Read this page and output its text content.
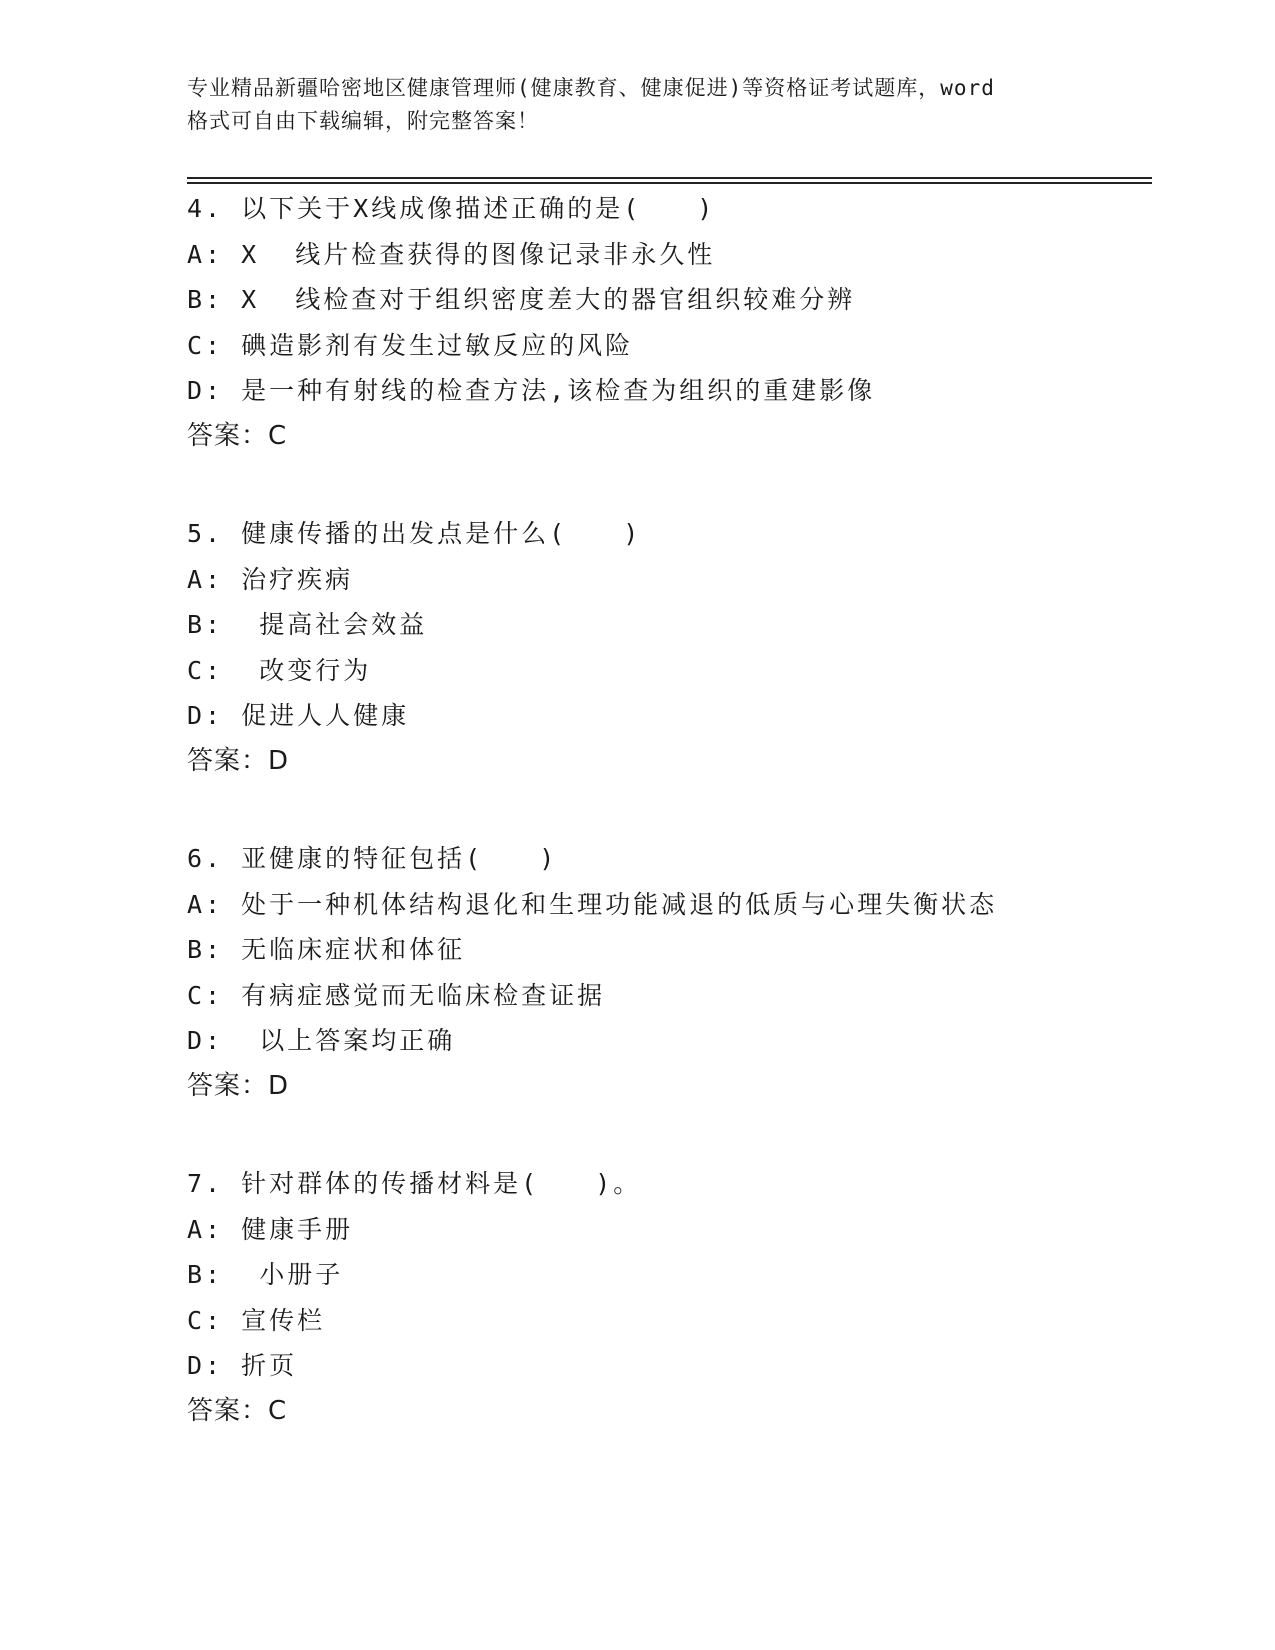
专业精品新疆哈密地区健康管理师(健康教育、健康促进)等资格证考试题库，word
格式可自由下载编辑，附完整答案！
4. 以下关于X线成像描述正确的是(　　)
A: X  线片检查获得的图像记录非永久性
B: X  线检查对于组织密度差大的器官组织较难分辨
C: 碘造影剂有发生过敏反应的风险
D: 是一种有射线的检查方法,该检查为组织的重建影像
答案：C
5. 健康传播的出发点是什么(　　)
A: 治疗疾病
B:  提高社会效益
C:  改变行为
D: 促进人人健康
答案：D
6. 亚健康的特征包括(　　)
A: 处于一种机体结构退化和生理功能减退的低质与心理失衡状态
B: 无临床症状和体征
C: 有病症感觉而无临床检查证据
D:  以上答案均正确
答案：D
7. 针对群体的传播材料是(　　)。
A: 健康手册
B:  小册子
C: 宣传栏
D: 折页
答案：C
